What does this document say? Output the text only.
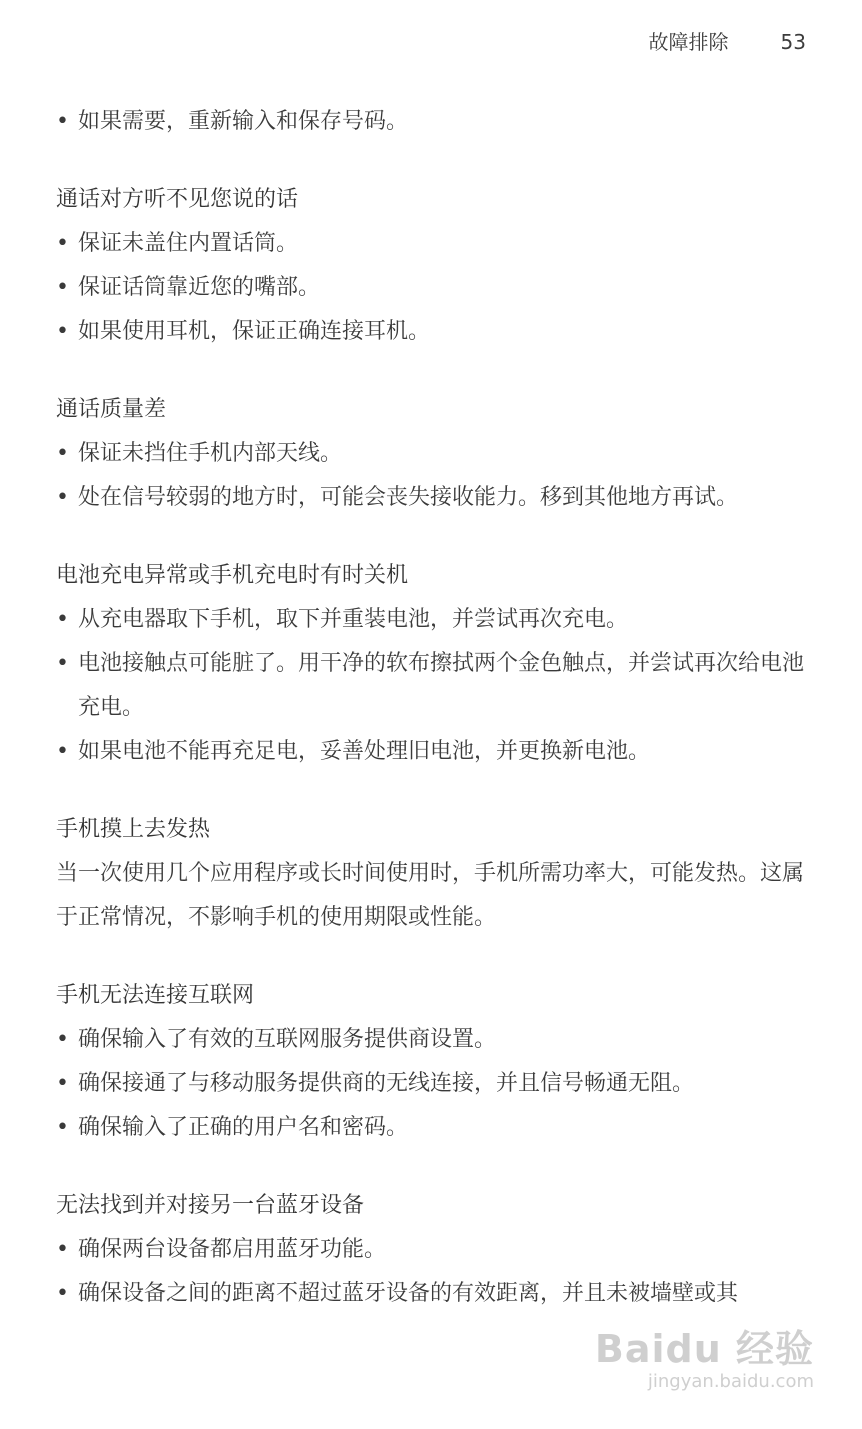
故障排除	53
• 如果需要，重新输入和保存号码。
通话对方听不见您说的话
• 保证未盖住内置话筒。
• 保证话筒靠近您的嘴部。
• 如果使用耳机，保证正确连接耳机。
通话质量差
• 保证未挡住手机内部天线。
• 处在信号较弱的地方时，可能会丧失接收能力。移到其他地方再试。
电池充电异常或手机充电时有时关机
• 从充电器取下手机，取下并重装电池，并尝试再次充电。
• 电池接触点可能脏了。用干净的软布擦拭两个金色触点，并尝试再次给电池充电。
• 如果电池不能再充足电，妥善处理旧电池，并更换新电池。
手机摸上去发热
当一次使用几个应用程序或长时间使用时，手机所需功率大，可能发热。这属于正常情况，不影响手机的使用期限或性能。
手机无法连接互联网
• 确保输入了有效的互联网服务提供商设置。
• 确保接通了与移动服务提供商的无线连接，并且信号畅通无阻。
• 确保输入了正确的用户名和密码。
无法找到并对接另一台蓝牙设备
• 确保两台设备都启用蓝牙功能。
• 确保设备之间的距离不超过蓝牙设备的有效距离，并且未被墙壁或其
Baidu 经验
jingyan.baidu.com
